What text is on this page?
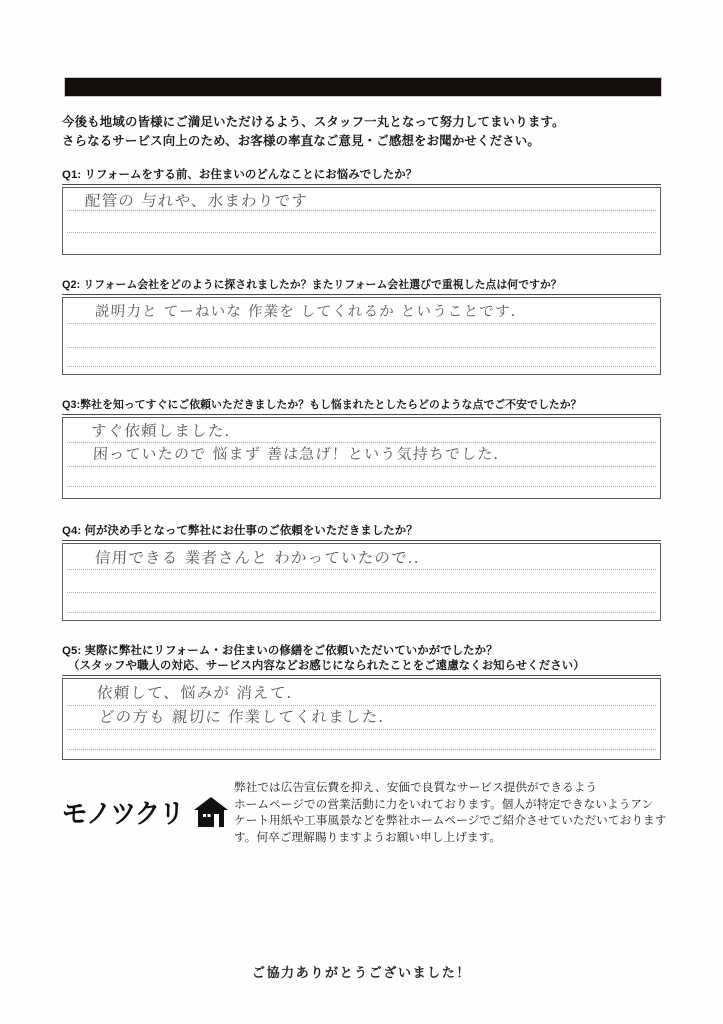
今後も地域の皆様にご満足いただけるよう、スタッフ一丸となって努力してまいります。
さらなるサービス向上のため、お客様の率直なご意見・ご感想をお聞かせください。
Q1: リフォームをする前、お住まいのどんなことにお悩みでしたか？
配管の 与れや、水まわりです
Q2: リフォーム会社をどのように探されましたか？またリフォーム会社選びで重視した点は何ですか？
説明力と てーねいな 作業を してくれるか ということです.
Q3:弊社を知ってすぐにご依頼いただきましたか？もし悩まれたとしたらどのような点でご不安でしたか？
すぐ依頼しました.
困っていたので 悩まず 善は急げ！という気持ちでした.
Q4: 何が決め手となって弊社にお仕事のご依頼をいただきましたか？
信用できる 業者さんと わかっていたので..
Q5: 実際に弊社にリフォーム・お住まいの修繕をご依頼いただいていかがでしたか？
（スタッフや職人の対応、サービス内容などお感じになられたことをご遠慮なくお知らせください）
依頼して、悩みが 消えて.
どの方も 親切に 作業してくれました.
モノツクリ
弊社では広告宣伝費を抑え、安価で良質なサービス提供ができるよう
ホームページでの営業活動に力をいれております。個人が特定できないようアン
ケート用紙や工事風景などを弊社ホームページでご紹介させていただいております
す。何卒ご理解賜りますようお願い申し上げます。
ご協力ありがとうございました！
